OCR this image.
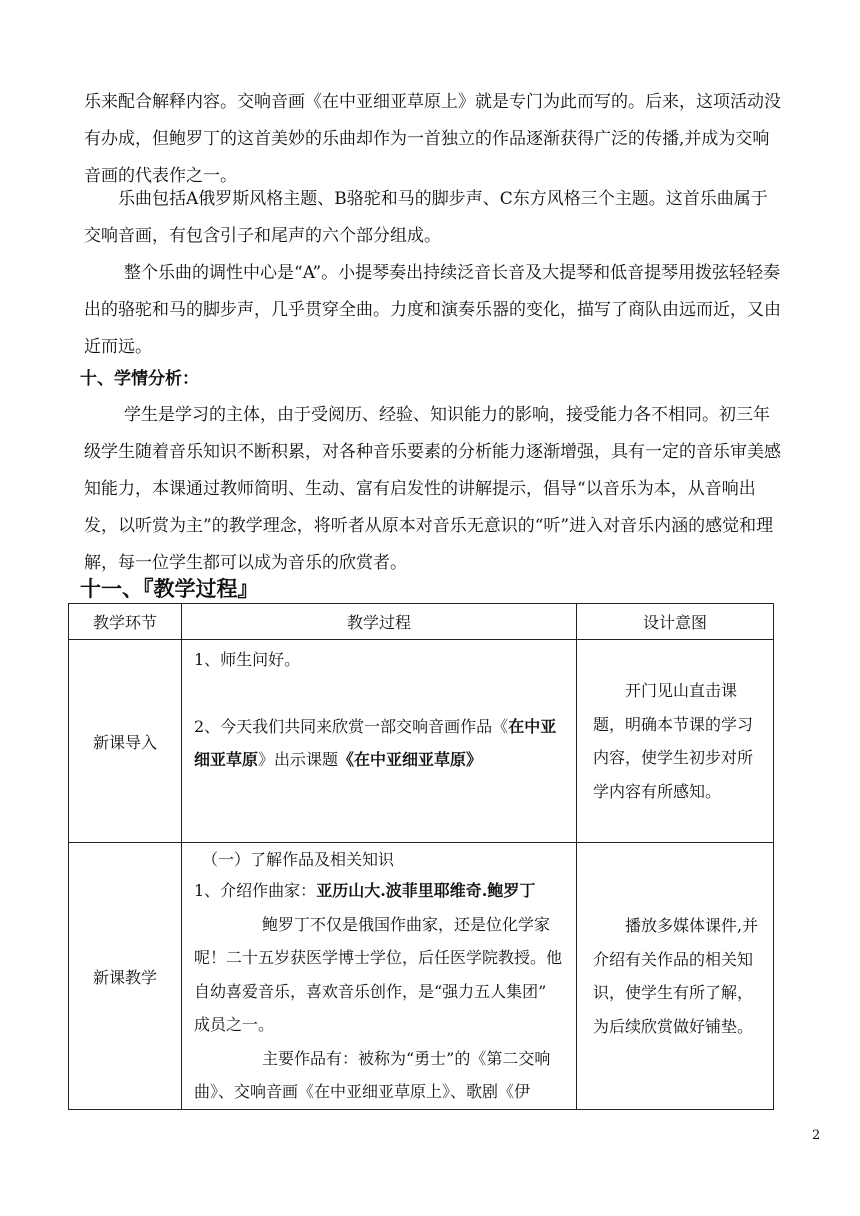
乐来配合解释内容。交响音画《在中亚细亚草原上》就是专门为此而写的。后来，这项活动没有办成，但鲍罗丁的这首美妙的乐曲却作为一首独立的作品逐渐获得广泛的传播,并成为交响音画的代表作之一。

乐曲包括A俄罗斯风格主题、B骆驼和马的脚步声、C东方风格三个主题。这首乐曲属于交响音画，有包含引子和尾声的六个部分组成。

整个乐曲的调性中心是“A”。小提琴奏出持续泛音长音及大提琴和低音提琴用拨弦轻轻奏出的骆驼和马的脚步声，几乎贯穿全曲。力度和演奏乐器的变化，描写了商队由远而近，又由近而远。

十、学情分析：

学生是学习的主体，由于受阅历、经验、知识能力的影响，接受能力各不相同。初三年级学生随着音乐知识不断积累，对各种音乐要素的分析能力逐渐增强，具有一定的音乐审美感知能力，本课通过教师简明、生动、富有启发性的讲解提示，倡导“以音乐为本，从音响出发，以听赏为主”的教学理念，将听者从原本对音乐无意识的“听”进入对音乐内涵的感觉和理解，每一位学生都可以成为音乐的欣赏者。

十一、『教学过程』
教学环节	教学过程	设计意图
新课导入	1、师生问好。
2、今天我们共同来欣赏一部交响音画作品《在中亚细亚草原》出示课题《在中亚细亚草原》	开门见山直击课题，明确本节课的学习内容，使学生初步对所学内容有所感知。

新课教学	（一）了解作品及相关知识
1、介绍作曲家：亚历山大.波菲里耶维奇.鲍罗丁
鲍罗丁不仅是俄国作曲家，还是位化学家呢！二十五岁获医学博士学位，后任医学院教授。他自幼喜爱音乐，喜欢音乐创作，是“强力五人集团” 成员之一。
主要作品有：被称为“勇士”的《第二交响曲》、交响音画《在中亚细亚草原上》、歌剧《伊	播放多媒体课件,并介绍有关作品的相关知识，使学生有所了解，为后续欣赏做好铺垫。
2
